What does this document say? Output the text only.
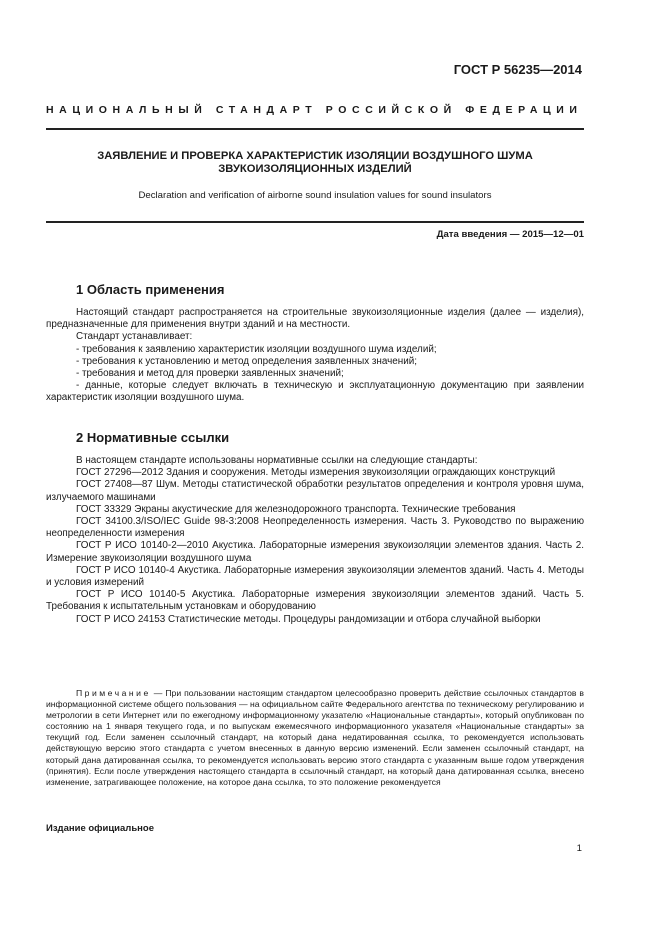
ГОСТ Р 56235—2014
НАЦИОНАЛЬНЫЙ СТАНДАРТ РОССИЙСКОЙ ФЕДЕРАЦИИ
ЗАЯВЛЕНИЕ И ПРОВЕРКА ХАРАКТЕРИСТИК ИЗОЛЯЦИИ ВОЗДУШНОГО ШУМА
ЗВУКОИЗОЛЯЦИОННЫХ ИЗДЕЛИЙ
Declaration and verification of airborne sound insulation values for sound insulators
Дата введения — 2015—12—01
1 Область применения
Настоящий стандарт распространяется на строительные звукоизоляционные изделия (далее — изделия), предназначенные для применения внутри зданий и на местности.
Стандарт устанавливает:
- требования к заявлению характеристик изоляции воздушного шума изделий;
- требования к установлению и метод определения заявленных значений;
- требования и метод для проверки заявленных значений;
- данные, которые следует включать в техническую и эксплуатационную документацию при заявлении характеристик изоляции воздушного шума.
2 Нормативные ссылки
В настоящем стандарте использованы нормативные ссылки на следующие стандарты:
ГОСТ 27296—2012 Здания и сооружения. Методы измерения звукоизоляции ограждающих конструкций
ГОСТ 27408—87 Шум. Методы статистической обработки результатов определения и контроля уровня шума, излучаемого машинами
ГОСТ 33329 Экраны акустические для железнодорожного транспорта. Технические требования
ГОСТ 34100.3/ISO/IEC Guide 98-3:2008 Неопределенность измерения. Часть 3. Руководство по выражению неопределенности измерения
ГОСТ Р ИСО 10140-2—2010 Акустика. Лабораторные измерения звукоизоляции элементов здания. Часть 2. Измерение звукоизоляции воздушного шума
ГОСТ Р ИСО 10140-4 Акустика. Лабораторные измерения звукоизоляции элементов зданий. Часть 4. Методы и условия измерений
ГОСТ Р ИСО 10140-5 Акустика. Лабораторные измерения звукоизоляции элементов зданий. Часть 5. Требования к испытательным установкам и оборудованию
ГОСТ Р ИСО 24153 Статистические методы. Процедуры рандомизации и отбора случайной выборки
Примечание — При пользовании настоящим стандартом целесообразно проверить действие ссылочных стандартов в информационной системе общего пользования — на официальном сайте Федерального агентства по техническому регулированию и метрологии в сети Интернет или по ежегодному информационному указателю «Национальные стандарты», который опубликован по состоянию на 1 января текущего года, и по выпускам ежемесячного информационного указателя «Национальные стандарты» за текущий год. Если заменен ссылочный стандарт, на который дана недатированная ссылка, то рекомендуется использовать действующую версию этого стандарта с учетом внесенных в данную версию изменений. Если заменен ссылочный стандарт, на который дана датированная ссылка, то рекомендуется использовать версию этого стандарта с указанным выше годом утверждения (принятия). Если после утверждения настоящего стандарта в ссылочный стандарт, на который дана датированная ссылка, внесено изменение, затрагивающее положение, на которое дана ссылка, то это положение рекомендуется
Издание официальное
1
